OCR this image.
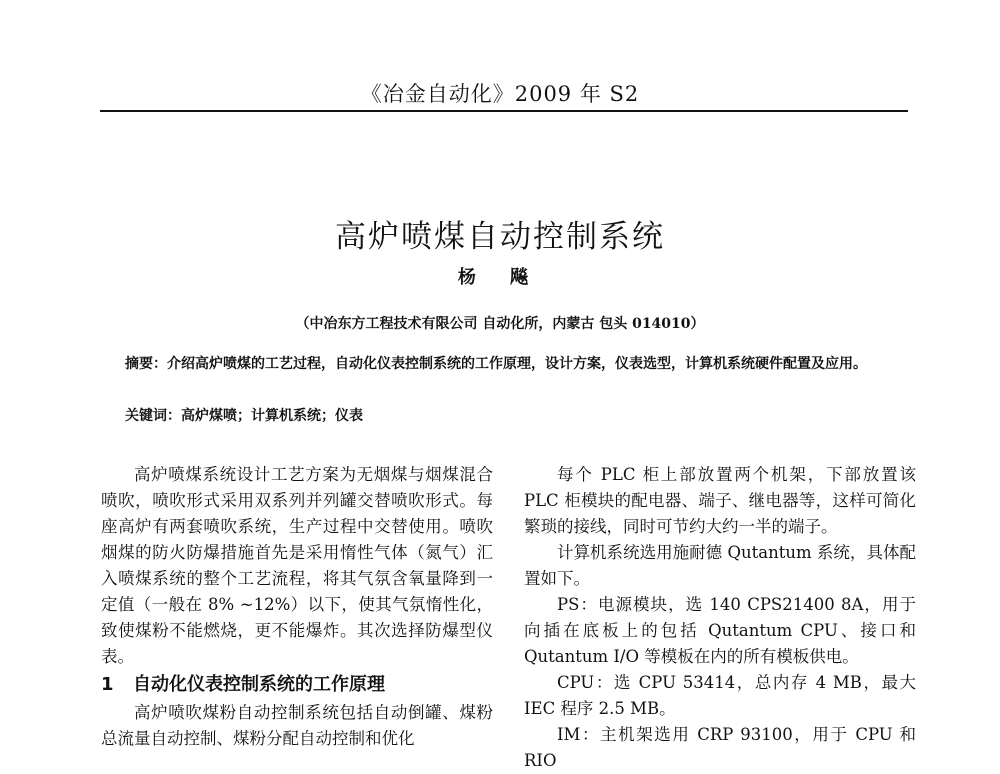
《冶金自动化》2009 年 S2
高炉喷煤自动控制系统
杨 飚
（中冶东方工程技术有限公司 自动化所，内蒙古 包头 014010）

摘要：介绍高炉喷煤的工艺过程，自动化仪表控制系统的工作原理，设计方案，仪表选型，计算机系统硬件配置及应用。

关键词：高炉煤喷；计算机系统；仪表

高炉喷煤系统设计工艺方案为无烟煤与烟煤混合喷吹，喷吹形式采用双系列并列罐交替喷吹形式。每座高炉有两套喷吹系统，生产过程中交替使用。喷吹烟煤的防火防爆措施首先是采用惰性气体（氮气）汇入喷煤系统的整个工艺流程，将其气氛含氧量降到一定值（一般在 8% ~12%）以下，使其气氛惰性化，致使煤粉不能燃烧，更不能爆炸。其次选择防爆型仪表。

1 自动化仪表控制系统的工作原理

高炉喷吹煤粉自动控制系统包括自动倒罐、煤粉总流量自动控制、煤粉分配自动控制和优化

每个 PLC 柜上部放置两个机架，下部放置该 PLC 柜模块的配电器、端子、继电器等，这样可简化繁琐的接线，同时可节约大约一半的端子。

计算机系统选用施耐德 Qutantum 系统，具体配置如下。

PS：电源模块，选 140 CPS21400 8A，用于向插在底板上的包括 Qutantum CPU、接口和 Qutantum I/O 等模板在内的所有模板供电。

CPU：选 CPU 53414，总内存 4 MB，最大 IEC 程序 2.5 MB。

IM：主机架选用 CRP 93100，用于 CPU 和 RIO
